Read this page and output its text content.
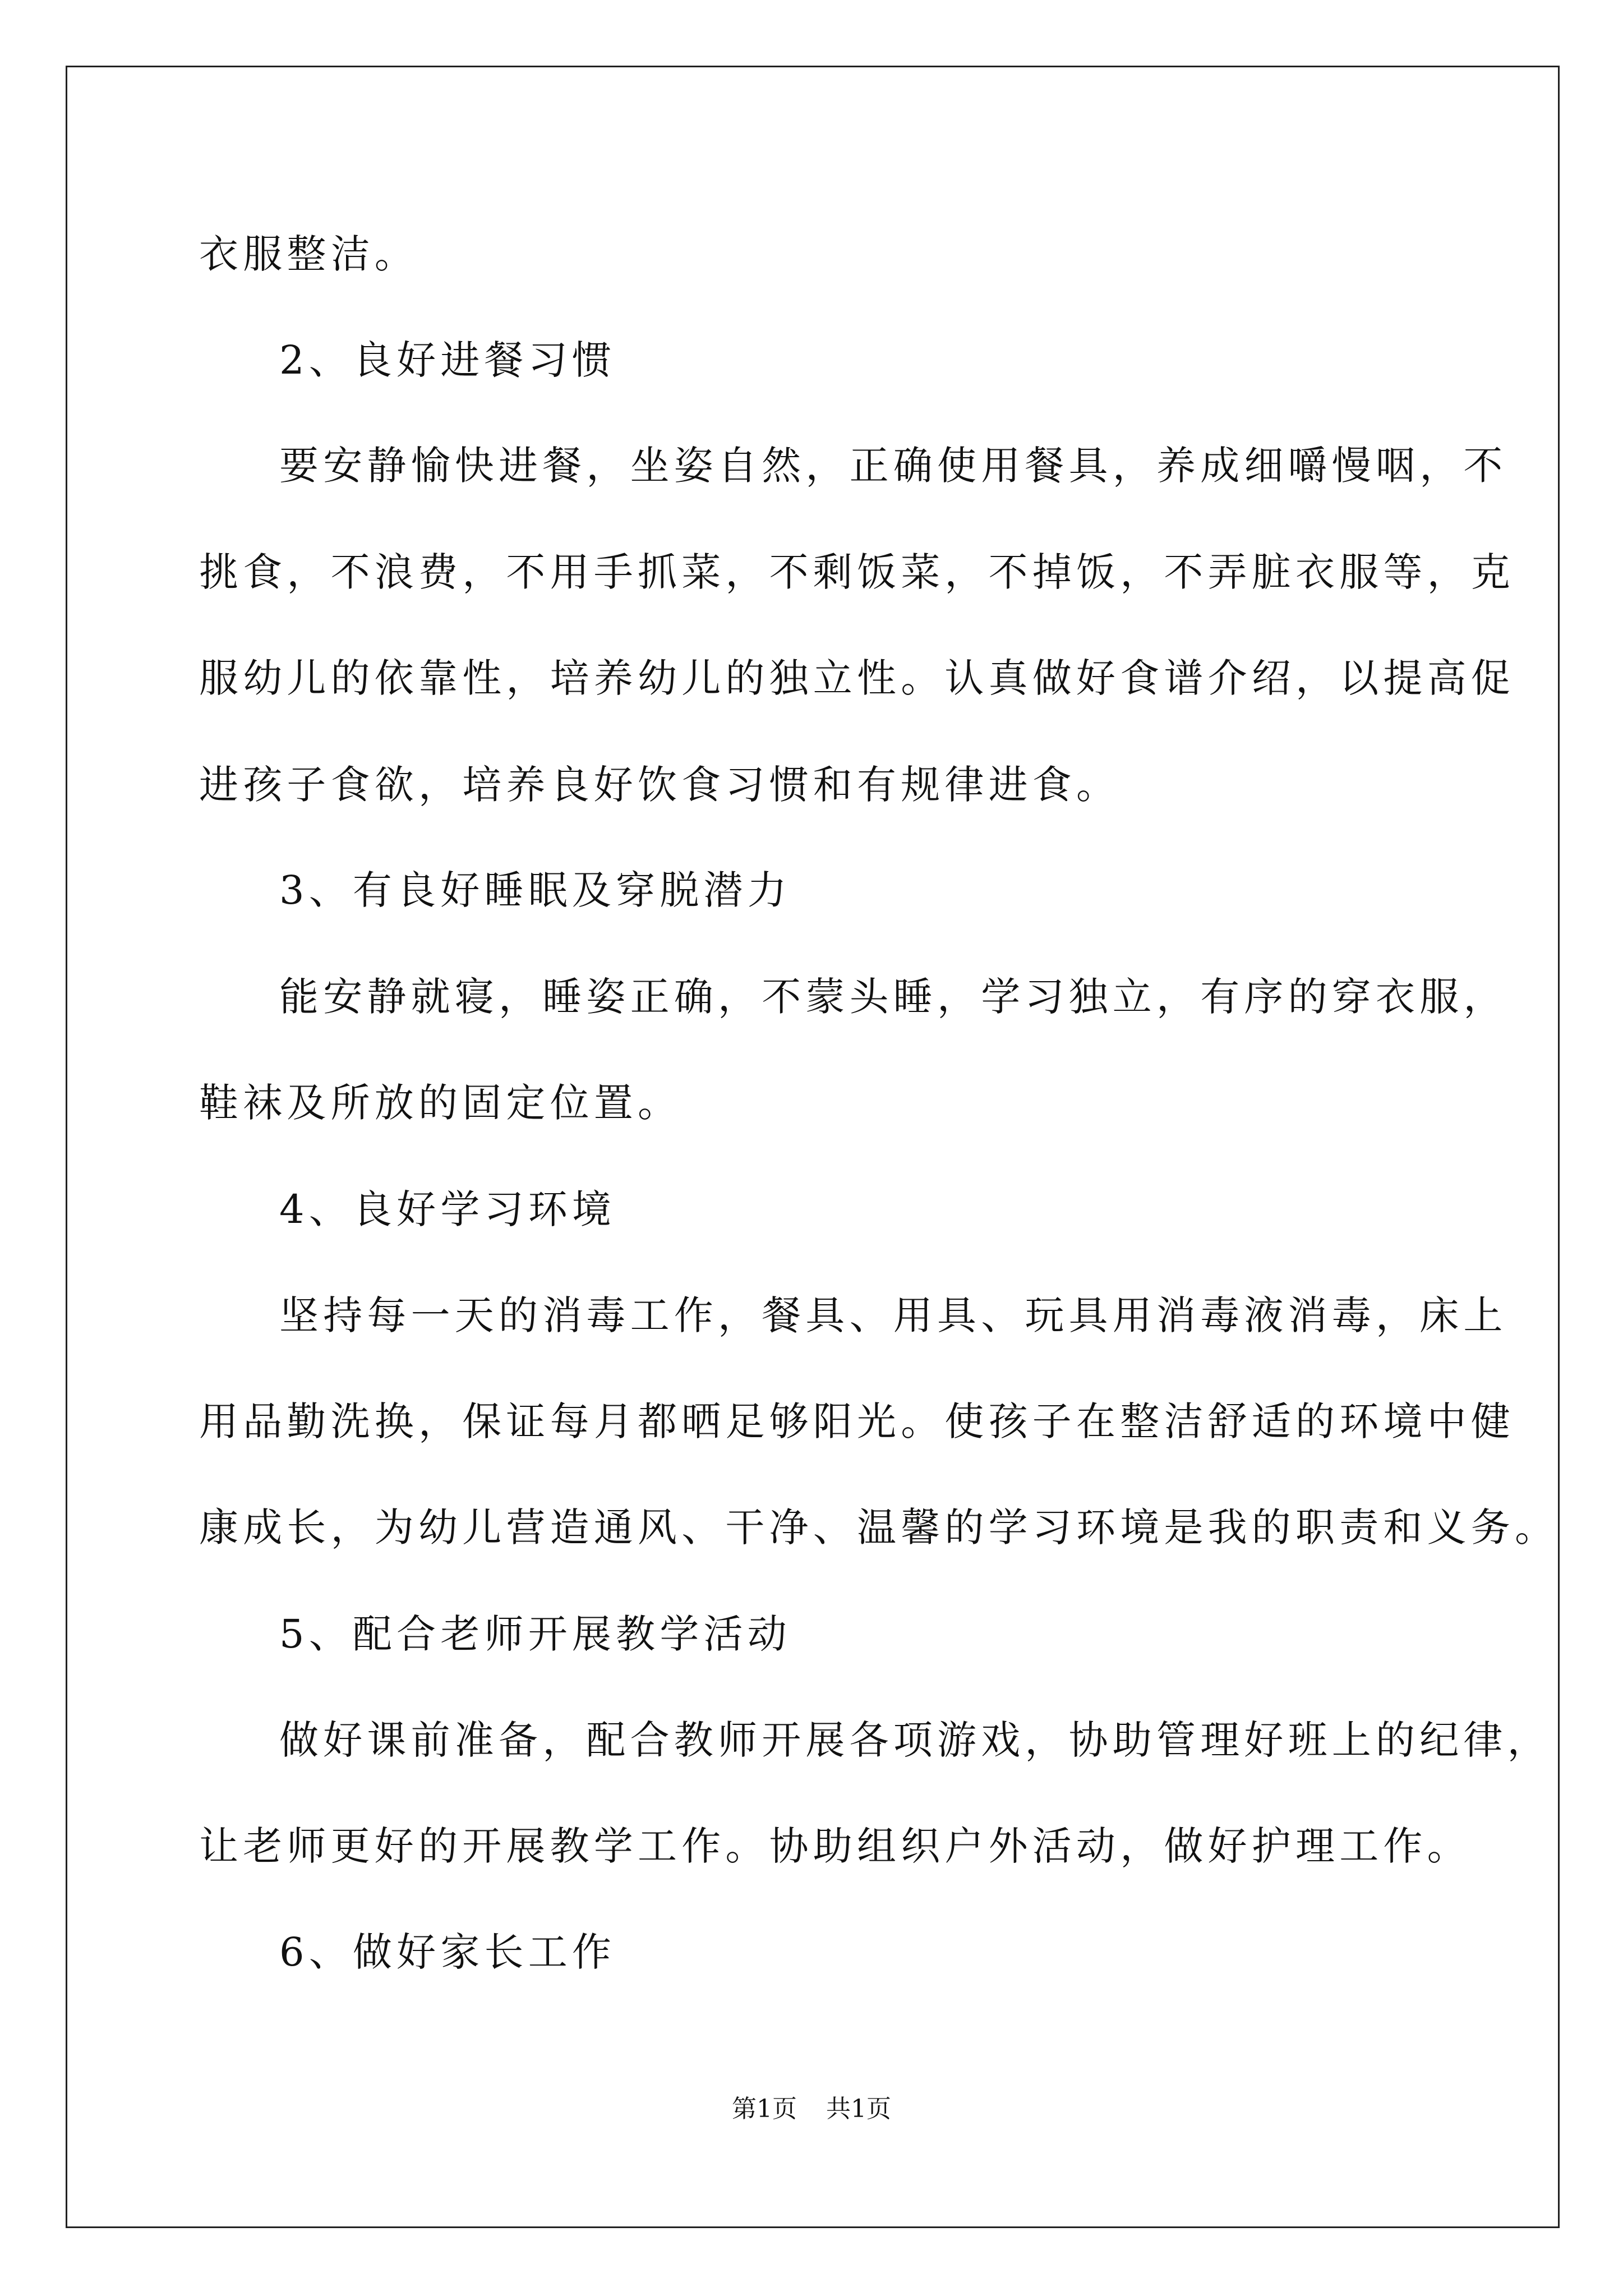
衣服整洁。
2、良好进餐习惯
要安静愉快进餐，坐姿自然，正确使用餐具，养成细嚼慢咽，不
挑食，不浪费，不用手抓菜，不剩饭菜，不掉饭，不弄脏衣服等，克
服幼儿的依靠性，培养幼儿的独立性。认真做好食谱介绍，以提高促
进孩子食欲，培养良好饮食习惯和有规律进食。
3、有良好睡眠及穿脱潜力
能安静就寝，睡姿正确，不蒙头睡，学习独立，有序的穿衣服，
鞋袜及所放的固定位置。
4、良好学习环境
坚持每一天的消毒工作，餐具、用具、玩具用消毒液消毒，床上
用品勤洗换，保证每月都晒足够阳光。使孩子在整洁舒适的环境中健
康成长，为幼儿营造通风、干净、温馨的学习环境是我的职责和义务。
5、配合老师开展教学活动
做好课前准备，配合教师开展各项游戏，协助管理好班上的纪律，
让老师更好的开展教学工作。协助组织户外活动，做好护理工作。
6、做好家长工作
第1页 共1页
